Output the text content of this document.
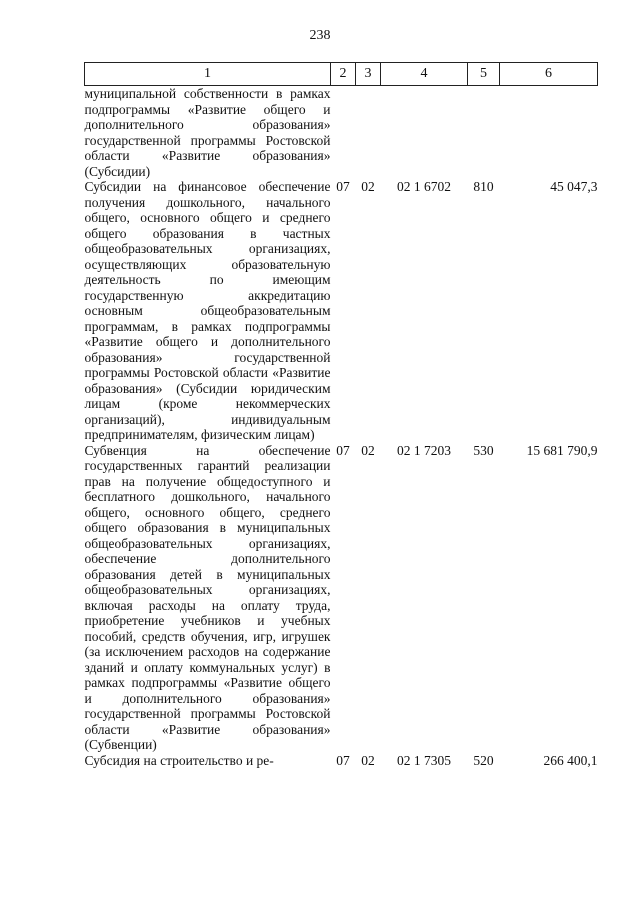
238
1	2	3	4	5	6
муниципальной собственности в рамках подпрограммы «Развитие общего и дополнительного образования» государственной программы Ростовской области «Развитие образования» (Субсидии)					
Субсидии на финансовое обеспечение получения дошкольного, начального общего, основного общего и среднего общего образования в частных общеобразовательных организациях, осуществляющих образовательную деятельность по имеющим государственную аккредитацию основным общеобразовательным программам, в рамках подпрограммы «Развитие общего и дополнительного образования» государственной программы Ростовской области «Развитие образования» (Субсидии юридическим лицам (кроме некоммерческих организаций), индивидуальным предпринимателям, физическим лицам)	07	02	02 1 6702	810	45 047,3
Субвенция на обеспечение государственных гарантий реализации прав на получение общедоступного и бесплатного дошкольного, начального общего, основного общего, среднего общего образования в муниципальных общеобразовательных организациях, обеспечение дополнительного образования детей в муниципальных общеобразовательных организациях, включая расходы на оплату труда, приобретение учебников и учебных пособий, средств обучения, игр, игрушек (за исключением расходов на содержание зданий и оплату коммунальных услуг) в рамках подпрограммы «Развитие общего и дополнительного образования» государственной программы Ростовской области «Развитие образования» (Субвенции)	07	02	02 1 7203	530	15 681 790,9
Субсидия на строительство и ре-	07	02	02 1 7305	520	266 400,1
